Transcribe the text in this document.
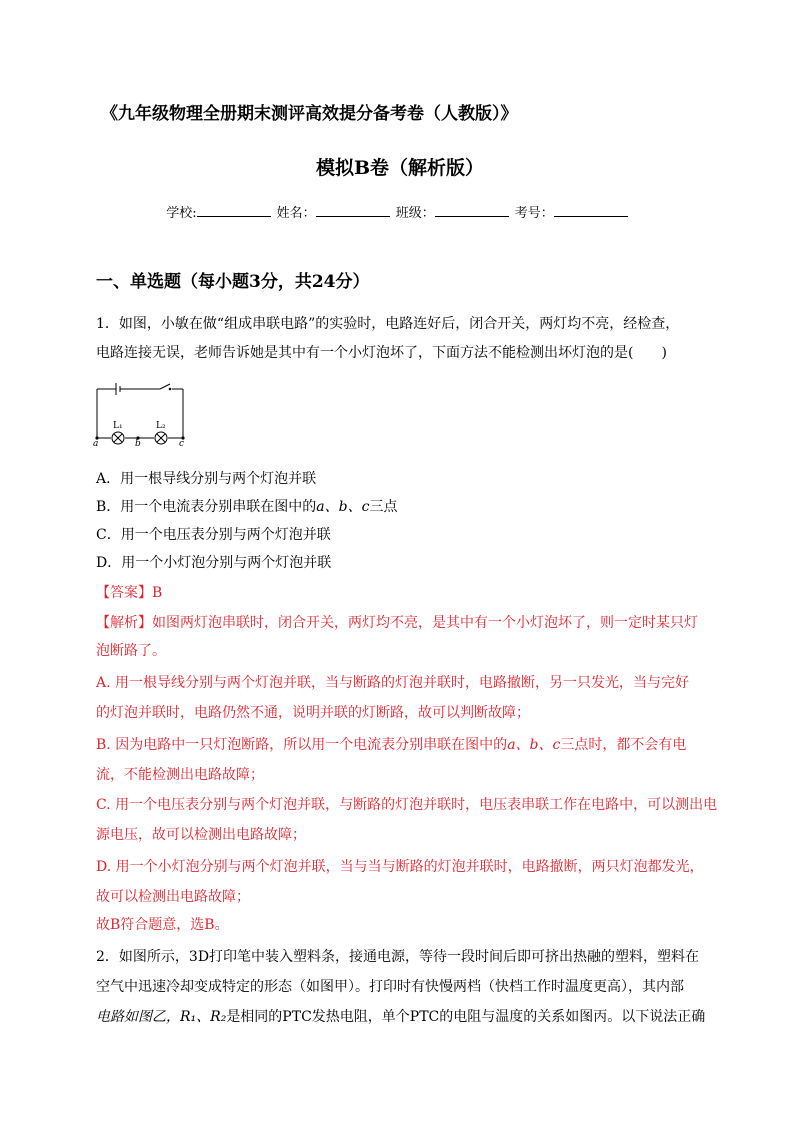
《九年级物理全册期末测评高效提分备考卷（人教版）》
模拟B卷（解析版）
学校:	姓名：	班级：	考号：
一、单选题（每小题3分，共24分）
1．如图，小敏在做“组成串联电路”的实验时，电路连好后，闭合开关，两灯均不亮，经检查，
电路连接无误，老师告诉她是其中有一个小灯泡坏了，下面方法不能检测出坏灯泡的是(　　)
L₁	L₂
a	b	c
A．用一根导线分别与两个灯泡并联
B．用一个电流表分别串联在图中的a、b、c三点
C．用一个电压表分别与两个灯泡并联
D．用一个小灯泡分别与两个灯泡并联
【答案】B
【解析】如图两灯泡串联时，闭合开关，两灯均不亮，是其中有一个小灯泡坏了，则一定时某只灯
泡断路了。
A. 用一根导线分别与两个灯泡并联，当与断路的灯泡并联时，电路撤断，另一只发光，当与完好
的灯泡并联时，电路仍然不通，说明并联的灯断路，故可以判断故障；
B. 因为电路中一只灯泡断路，所以用一个电流表分别串联在图中的a、b、c三点时，都不会有电
流，不能检测出电路故障；
C. 用一个电压表分别与两个灯泡并联，与断路的灯泡并联时，电压表串联工作在电路中，可以测出电
源电压，故可以检测出电路故障；
D. 用一个小灯泡分别与两个灯泡并联，当与当与断路的灯泡并联时，电路撤断，两只灯泡都发光，
故可以检测出电路故障；
故B符合题意，选B。
2．如图所示，3D打印笔中装入塑料条，接通电源，等待一段时间后即可挤出热融的塑料，塑料在
空气中迅速冷却变成特定的形态（如图甲）。打印时有快慢两档（快档工作时温度更高），其内部
电路如图乙，R₁、R₂是相同的PTC发热电阻，单个PTC的电阻与温度的关系如图丙。以下说法正确
